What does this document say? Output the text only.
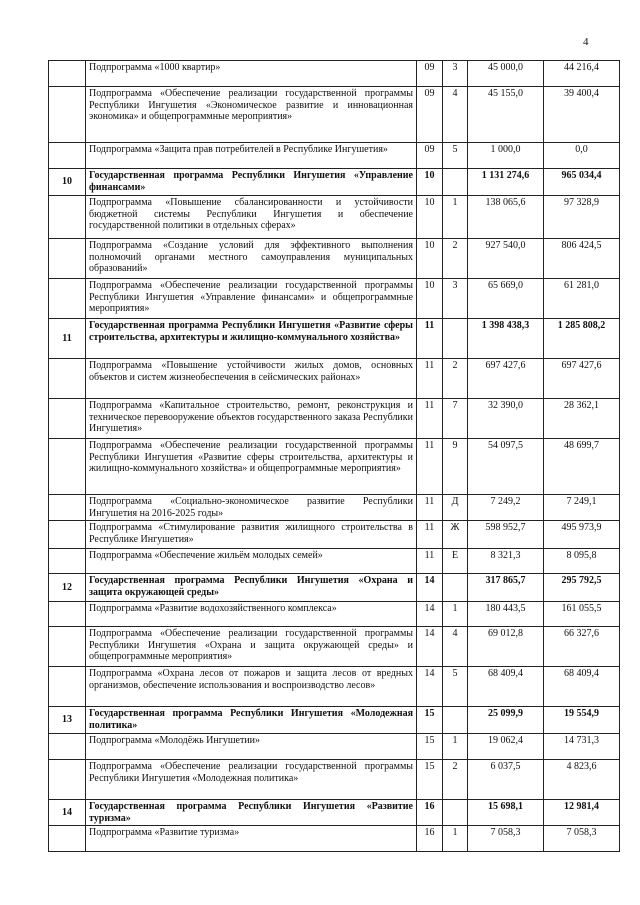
4
	Подпрограмма «1000 квартир»	09	3	45 000,0	44 216,4
	Подпрограмма «Обеспечение реализации государственной программы Республики Ингушетия «Экономическое развитие и инновационная экономика» и общепрограммные мероприятия»	09	4	45 155,0	39 400,4
	Подпрограмма «Защита прав потребителей в Республике Ингушетия»	09	5	1 000,0	0,0
10	Государственная программа Республики Ингушетия «Управление финансами»	10		1 131 274,6	965 034,4
	Подпрограмма «Повышение сбалансированности и устойчивости бюджетной системы Республики Ингушетия и обеспечение государственной политики в отдельных сферах»	10	1	138 065,6	97 328,9
	Подпрограмма «Создание условий для эффективного выполнения полномочий органами местного самоуправления муниципальных образований»	10	2	927 540,0	806 424,5
	Подпрограмма «Обеспечение реализации государственной программы Республики Ингушетия «Управление финансами» и общепрограммные мероприятия»	10	3	65 669,0	61 281,0
11	Государственная программа Республики Ингушетия «Развитие сферы строительства, архитектуры и жилищно-коммунального хозяйства»	11		1 398 438,3	1 285 808,2
	Подпрограмма «Повышение устойчивости жилых домов, основных объектов и систем жизнеобеспечения в сейсмических районах»	11	2	697 427,6	697 427,6
	Подпрограмма «Капитальное строительство, ремонт, реконструкция и техническое перевооружение объектов государственного заказа Республики Ингушетия»	11	7	32 390,0	28 362,1
	Подпрограмма «Обеспечение реализации государственной программы Республики Ингушетия «Развитие сферы строительства, архитектуры и жилищно-коммунального хозяйства» и общепрограммные мероприятия»	11	9	54 097,5	48 699,7
	Подпрограмма «Социально-экономическое развитие Республики Ингушетия на 2016-2025 годы»	11	Д	7 249,2	7 249,1
	Подпрограмма «Стимулирование развития жилищного строительства в Республике Ингушетия»	11	Ж	598 952,7	495 973,9
	Подпрограмма «Обеспечение жильём молодых семей»	11	Е	8 321,3	8 095,8
12	Государственная программа Республики Ингушетия «Охрана и защита окружающей среды»	14		317 865,7	295 792,5
	Подпрограмма «Развитие водохозяйственного комплекса»	14	1	180 443,5	161 055,5
	Подпрограмма «Обеспечение реализации государственной программы Республики Ингушетия «Охрана и защита окружающей среды» и общепрограммные мероприятия»	14	4	69 012,8	66 327,6
	Подпрограмма «Охрана лесов от пожаров и защита лесов от вредных организмов, обеспечение использования и воспроизводство лесов»	14	5	68 409,4	68 409,4
13	Государственная программа Республики Ингушетия «Молодежная политика»	15		25 099,9	19 554,9
	Подпрограмма «Молодёжь Ингушетии»	15	1	19 062,4	14 731,3
	Подпрограмма «Обеспечение реализации государственной программы Республики Ингушетия «Молодежная политика»	15	2	6 037,5	4 823,6
14	Государственная программа Республики Ингушетия «Развитие туризма»	16		15 698,1	12 981,4
	Подпрограмма «Развитие туризма»	16	1	7 058,3	7 058,3
